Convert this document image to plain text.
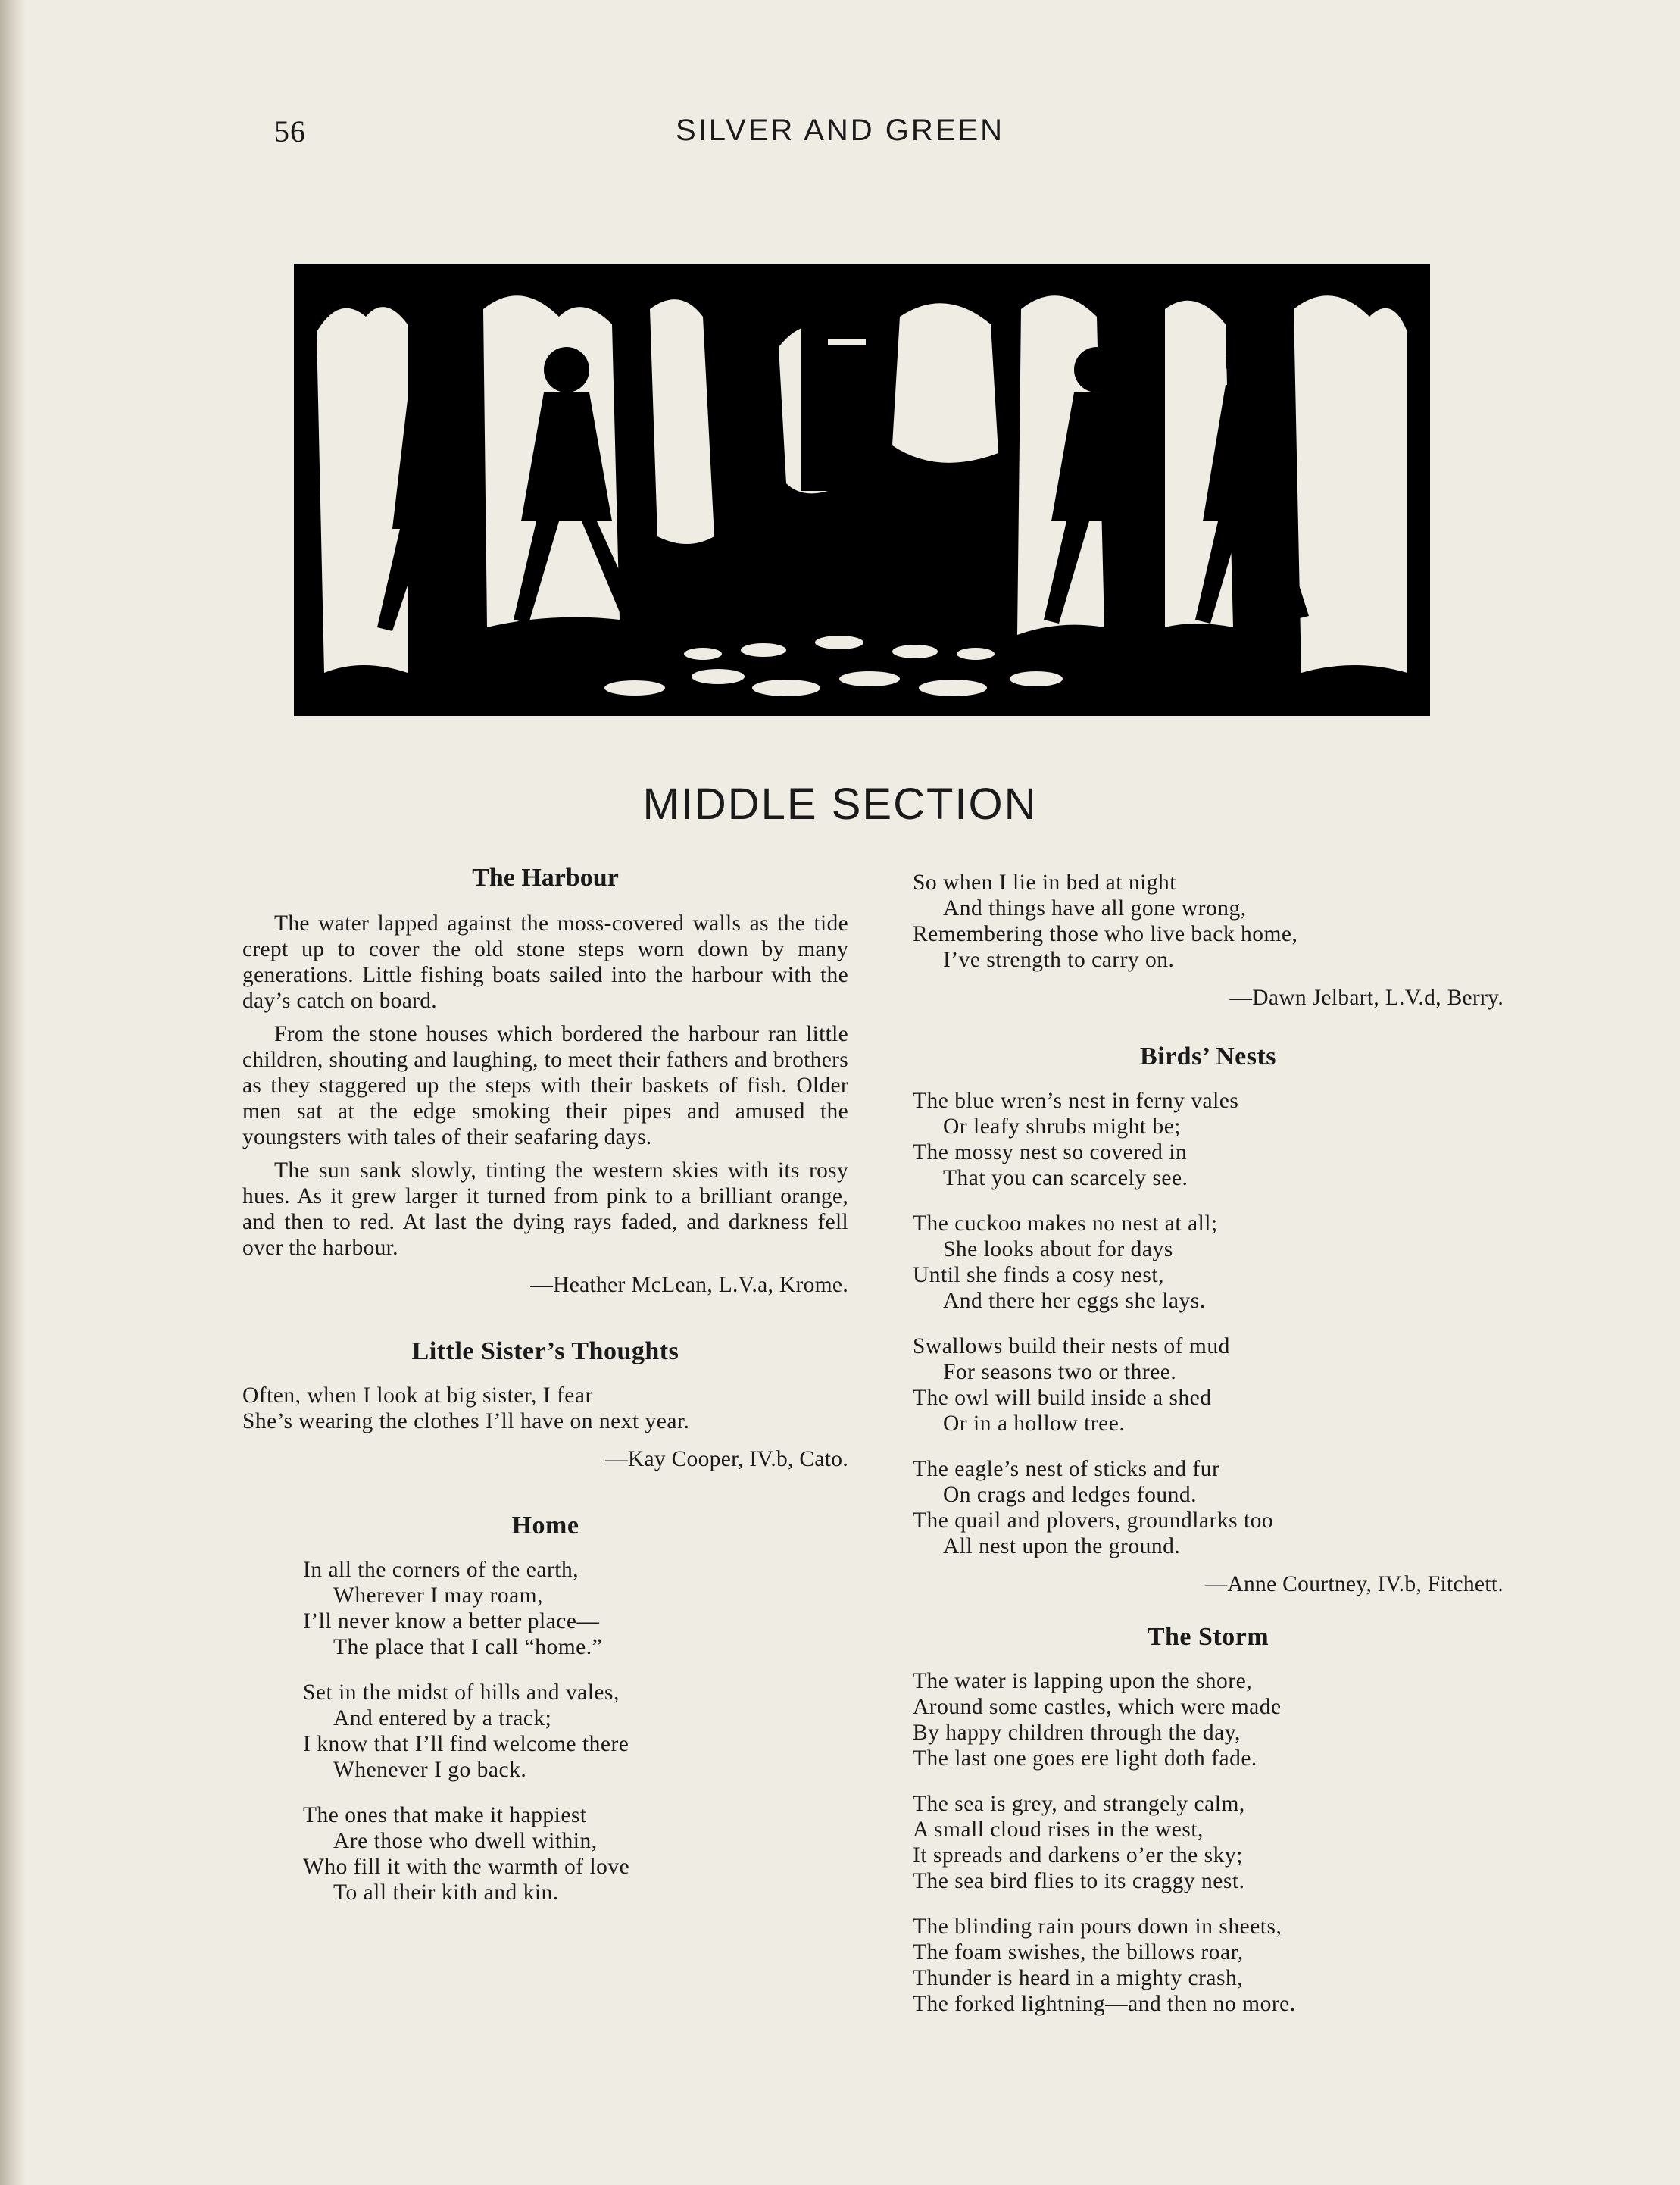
56	SILVER AND GREEN
MIDDLE SECTION
The Harbour

The water lapped against the moss-covered walls as the tide crept up to cover the old stone steps worn down by many generations. Little fishing boats sailed into the harbour with the day’s catch on board.

From the stone houses which bordered the harbour ran little children, shouting and laughing, to meet their fathers and brothers as they staggered up the steps with their baskets of fish. Older men sat at the edge smoking their pipes and amused the youngsters with tales of their seafaring days.

The sun sank slowly, tinting the western skies with its rosy hues. As it grew larger it turned from pink to a brilliant orange, and then to red. At last the dying rays faded, and darkness fell over the harbour.

—Heather McLean, L.V.a, Krome.
Little Sister’s Thoughts
Often, when I look at big sister, I fear
She’s wearing the clothes I’ll have on next year.
—Kay Cooper, IV.b, Cato.
Home
In all the corners of the earth,
Wherever I may roam,
I’ll never know a better place—
The place that I call “home.”
Set in the midst of hills and vales,
And entered by a track;
I know that I’ll find welcome there
Whenever I go back.
The ones that make it happiest
Are those who dwell within,
Who fill it with the warmth of love
To all their kith and kin.
So when I lie in bed at night
And things have all gone wrong,
Remembering those who live back home,
I’ve strength to carry on.
—Dawn Jelbart, L.V.d, Berry.
Birds’ Nests
The blue wren’s nest in ferny vales
Or leafy shrubs might be;
The mossy nest so covered in
That you can scarcely see.
The cuckoo makes no nest at all;
She looks about for days
Until she finds a cosy nest,
And there her eggs she lays.
Swallows build their nests of mud
For seasons two or three.
The owl will build inside a shed
Or in a hollow tree.
The eagle’s nest of sticks and fur
On crags and ledges found.
The quail and plovers, groundlarks too
All nest upon the ground.
—Anne Courtney, IV.b, Fitchett.
The Storm
The water is lapping upon the shore,
Around some castles, which were made
By happy children through the day,
The last one goes ere light doth fade.
The sea is grey, and strangely calm,
A small cloud rises in the west,
It spreads and darkens o’er the sky;
The sea bird flies to its craggy nest.
The blinding rain pours down in sheets,
The foam swishes, the billows roar,
Thunder is heard in a mighty crash,
The forked lightning—and then no more.
